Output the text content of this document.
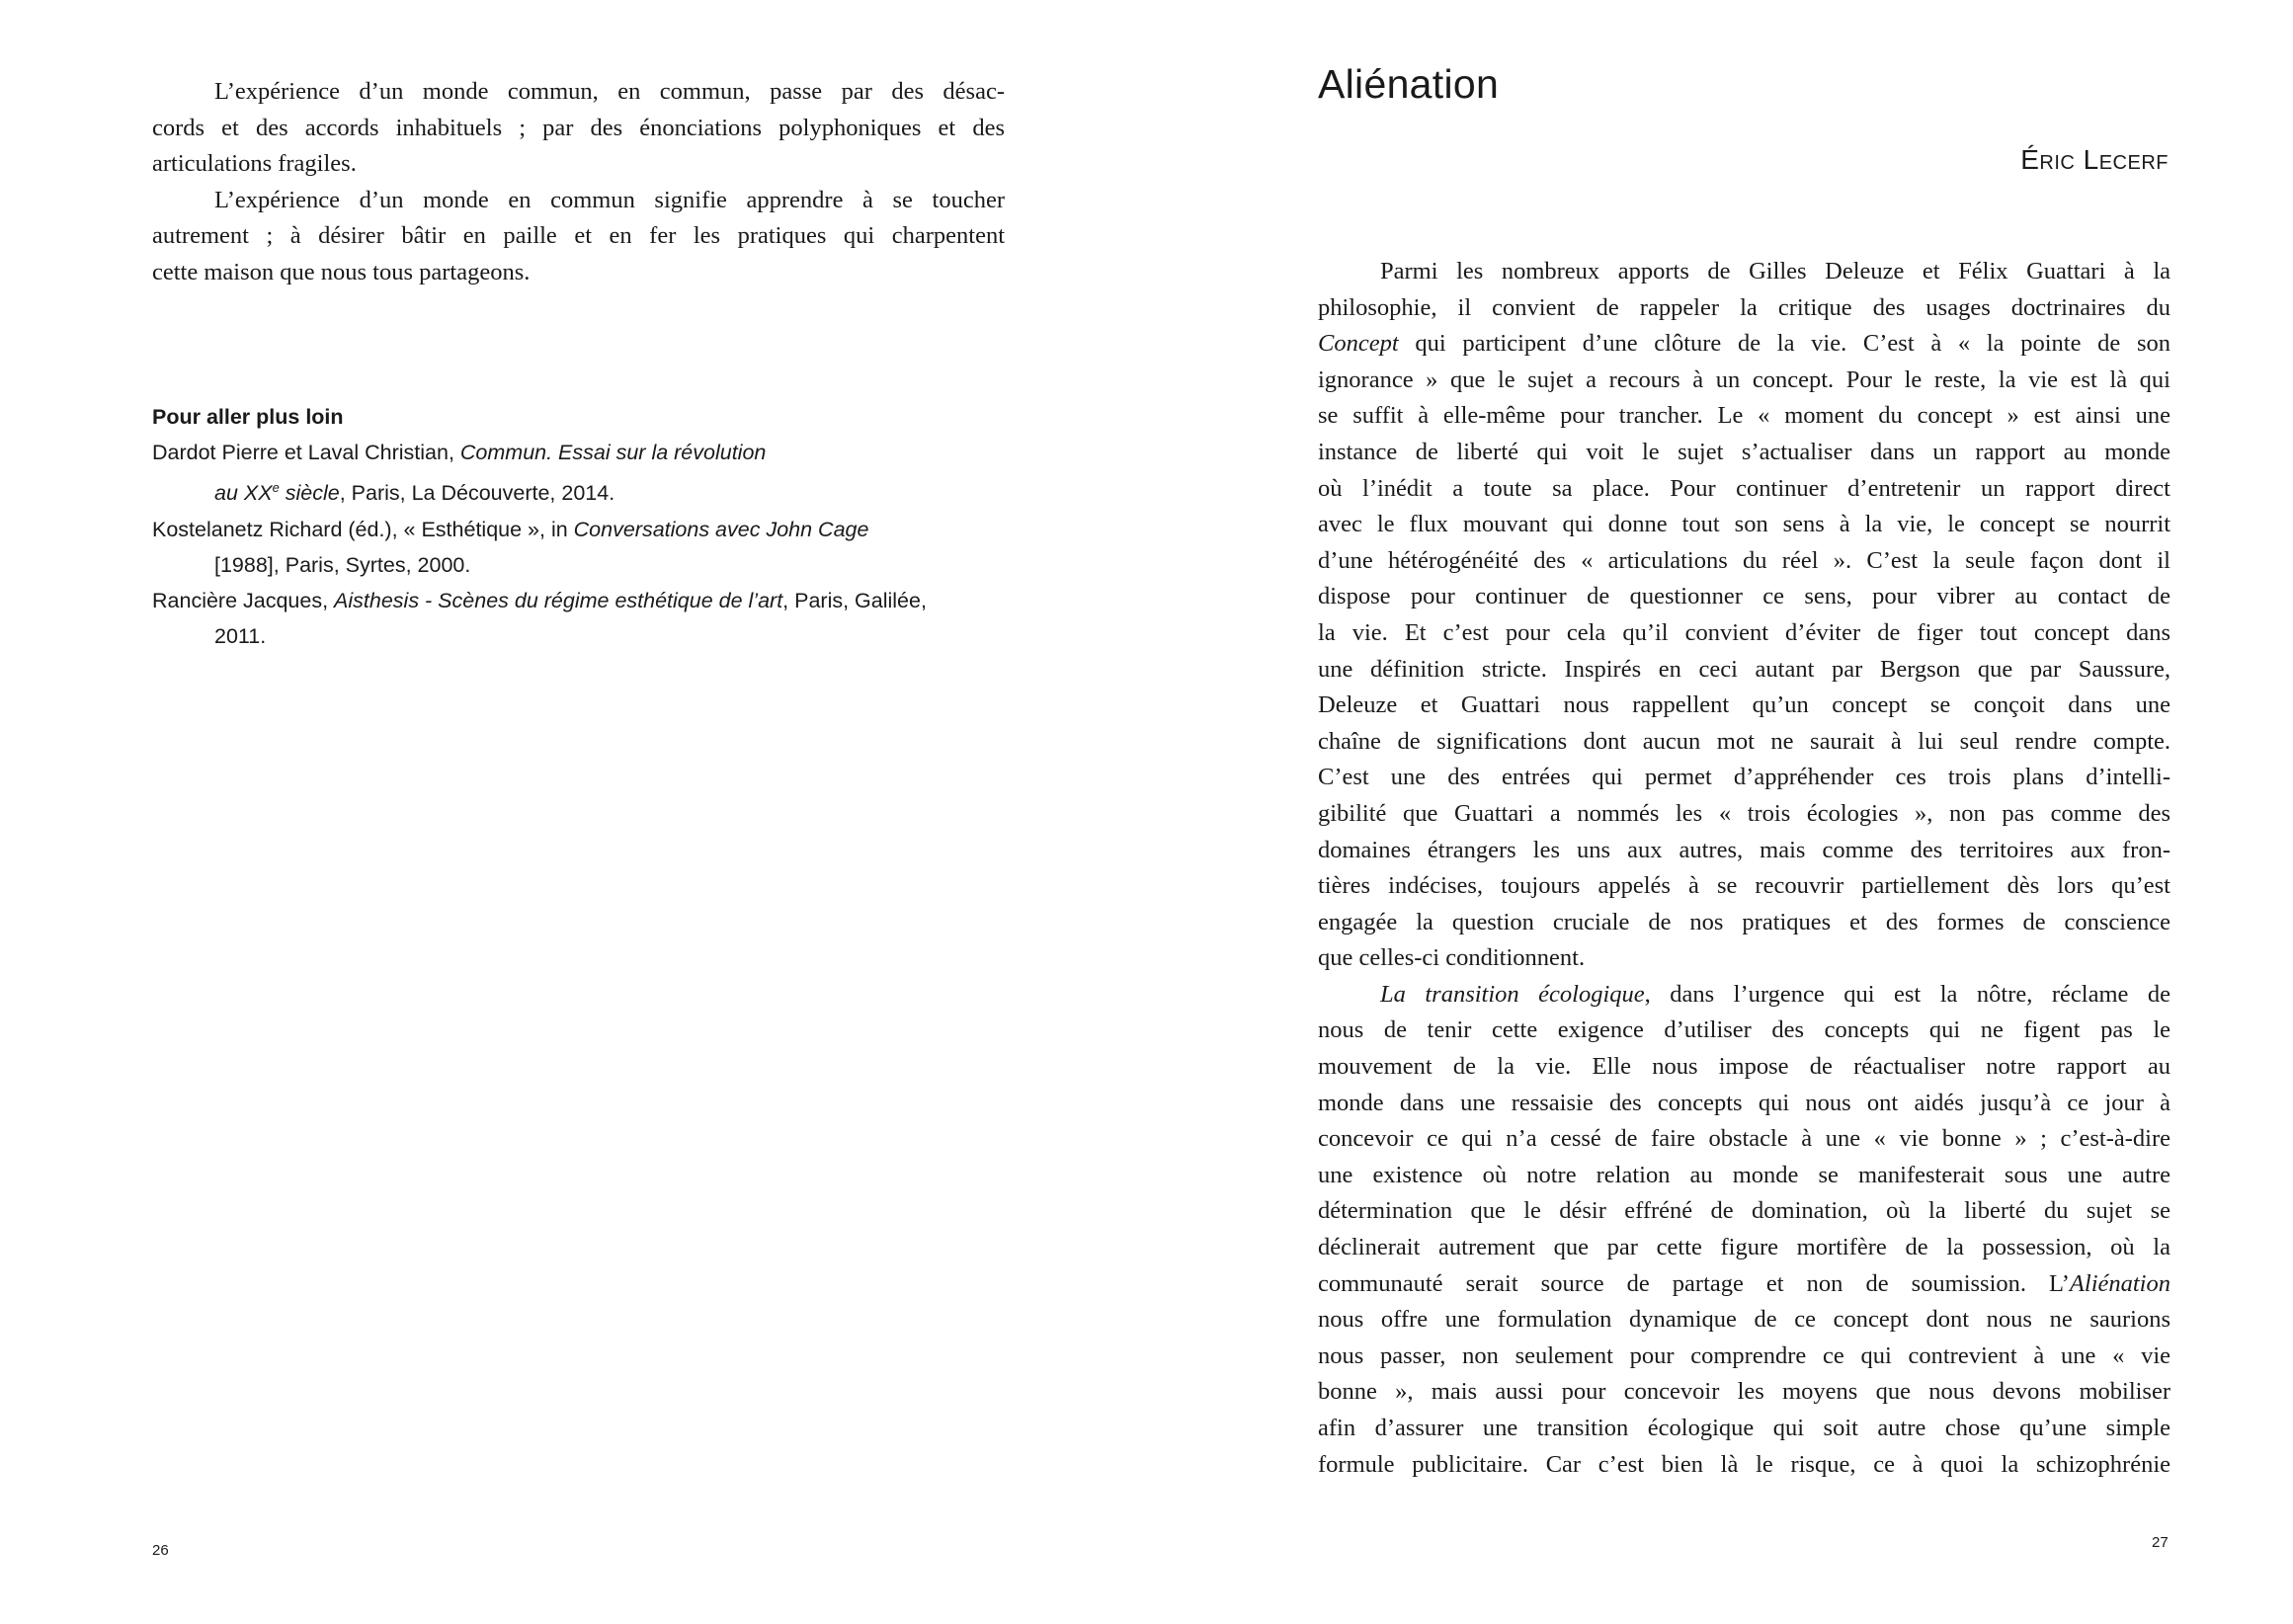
L’expérience d’un monde commun, en commun, passe par des désac-
cords et des accords inhabituels ; par des énonciations polyphoniques et des
articulations fragiles.
L’expérience d’un monde en commun signifie apprendre à se toucher
autrement ; à désirer bâtir en paille et en fer les pratiques qui charpentent
cette maison que nous tous partageons.
Pour aller plus loin
Dardot Pierre et Laval Christian, Commun. Essai sur la révolution
au XXe siècle, Paris, La Découverte, 2014.
Kostelanetz Richard (éd.), « Esthétique », in Conversations avec John Cage
[1988], Paris, Syrtes, 2000.
Rancière Jacques, Aisthesis - Scènes du régime esthétique de l’art, Paris, Galilée,
2011.
26
Aliénation
Éric Lecerf
Parmi les nombreux apports de Gilles Deleuze et Félix Guattari à la
philosophie, il convient de rappeler la critique des usages doctrinaires du
Concept qui participent d’une clôture de la vie. C’est à « la pointe de son
ignorance » que le sujet a recours à un concept. Pour le reste, la vie est là qui
se suffit à elle-même pour trancher. Le « moment du concept » est ainsi une
instance de liberté qui voit le sujet s’actualiser dans un rapport au monde
où l’inédit a toute sa place. Pour continuer d’entretenir un rapport direct
avec le flux mouvant qui donne tout son sens à la vie, le concept se nourrit
d’une hétérogénéité des « articulations du réel ». C’est la seule façon dont il
dispose pour continuer de questionner ce sens, pour vibrer au contact de
la vie. Et c’est pour cela qu’il convient d’éviter de figer tout concept dans
une définition stricte. Inspirés en ceci autant par Bergson que par Saussure,
Deleuze et Guattari nous rappellent qu’un concept se conçoit dans une
chaîne de significations dont aucun mot ne saurait à lui seul rendre compte.
C’est une des entrées qui permet d’appréhender ces trois plans d’intelli-
gibilité que Guattari a nommés les « trois écologies », non pas comme des
domaines étrangers les uns aux autres, mais comme des territoires aux fron-
tières indécises, toujours appelés à se recouvrir partiellement dès lors qu’est
engagée la question cruciale de nos pratiques et des formes de conscience
que celles-ci conditionnent.
La transition écologique, dans l’urgence qui est la nôtre, réclame de
nous de tenir cette exigence d’utiliser des concepts qui ne figent pas le
mouvement de la vie. Elle nous impose de réactualiser notre rapport au
monde dans une ressaisie des concepts qui nous ont aidés jusqu’à ce jour à
concevoir ce qui n’a cessé de faire obstacle à une « vie bonne » ; c’est-à-dire
une existence où notre relation au monde se manifesterait sous une autre
détermination que le désir effréné de domination, où la liberté du sujet se
déclinerait autrement que par cette figure mortifère de la possession, où la
communauté serait source de partage et non de soumission. L’Aliénation
nous offre une formulation dynamique de ce concept dont nous ne saurions
nous passer, non seulement pour comprendre ce qui contrevient à une « vie
bonne », mais aussi pour concevoir les moyens que nous devons mobiliser
afin d’assurer une transition écologique qui soit autre chose qu’une simple
formule publicitaire. Car c’est bien là le risque, ce à quoi la schizophrénie
27
